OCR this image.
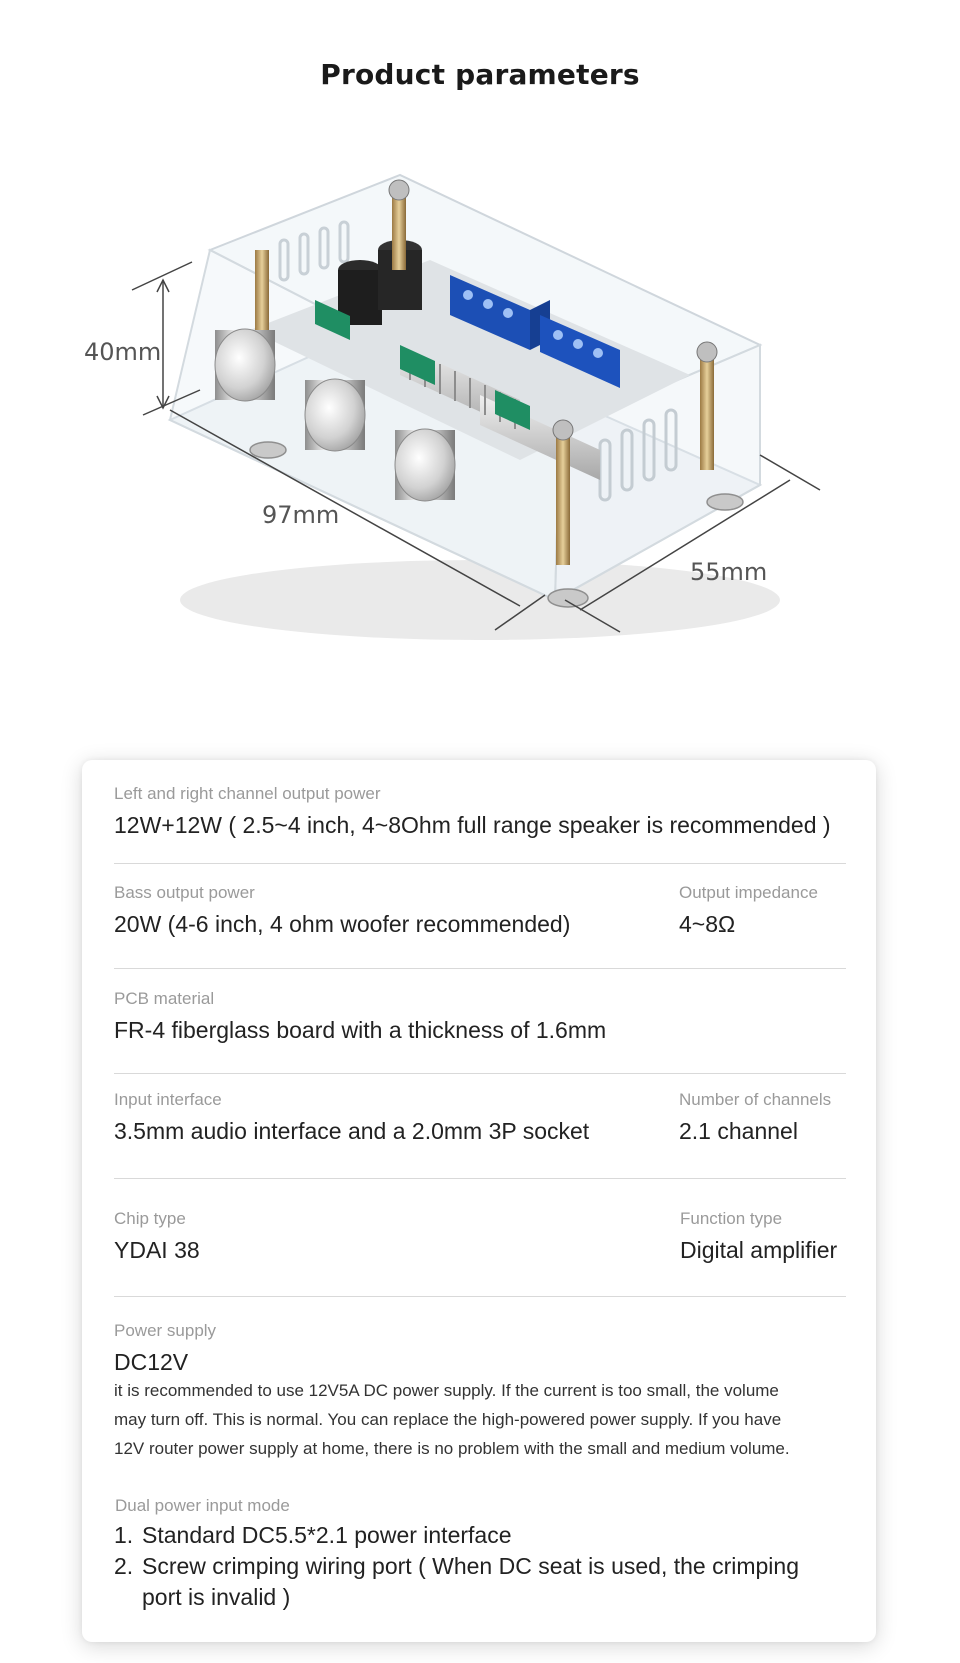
Product parameters
40mm
97mm
55mm
Left and right channel output power
12W+12W ( 2.5~4 inch, 4~8Ohm full range speaker is recommended )
Bass output power
20W (4-6 inch, 4 ohm woofer recommended)
Output impedance
4~8Ω
PCB material
FR-4 fiberglass board with a thickness of 1.6mm
Input interface
3.5mm audio interface and a 2.0mm 3P socket
Number of channels
2.1 channel
Chip type
YDAI 38
Function type
Digital amplifier
Power supply
DC12V
it is recommended to use 12V5A DC power supply. If the current is too small, the volume
may turn off. This is normal. You can replace the high-powered power supply. If you have
12V router power supply at home, there is no problem with the small and medium volume.
Dual power input mode
1. Standard DC5.5*2.1 power interface
2. Screw crimping wiring port ( When DC seat is used, the crimping
port is invalid )
